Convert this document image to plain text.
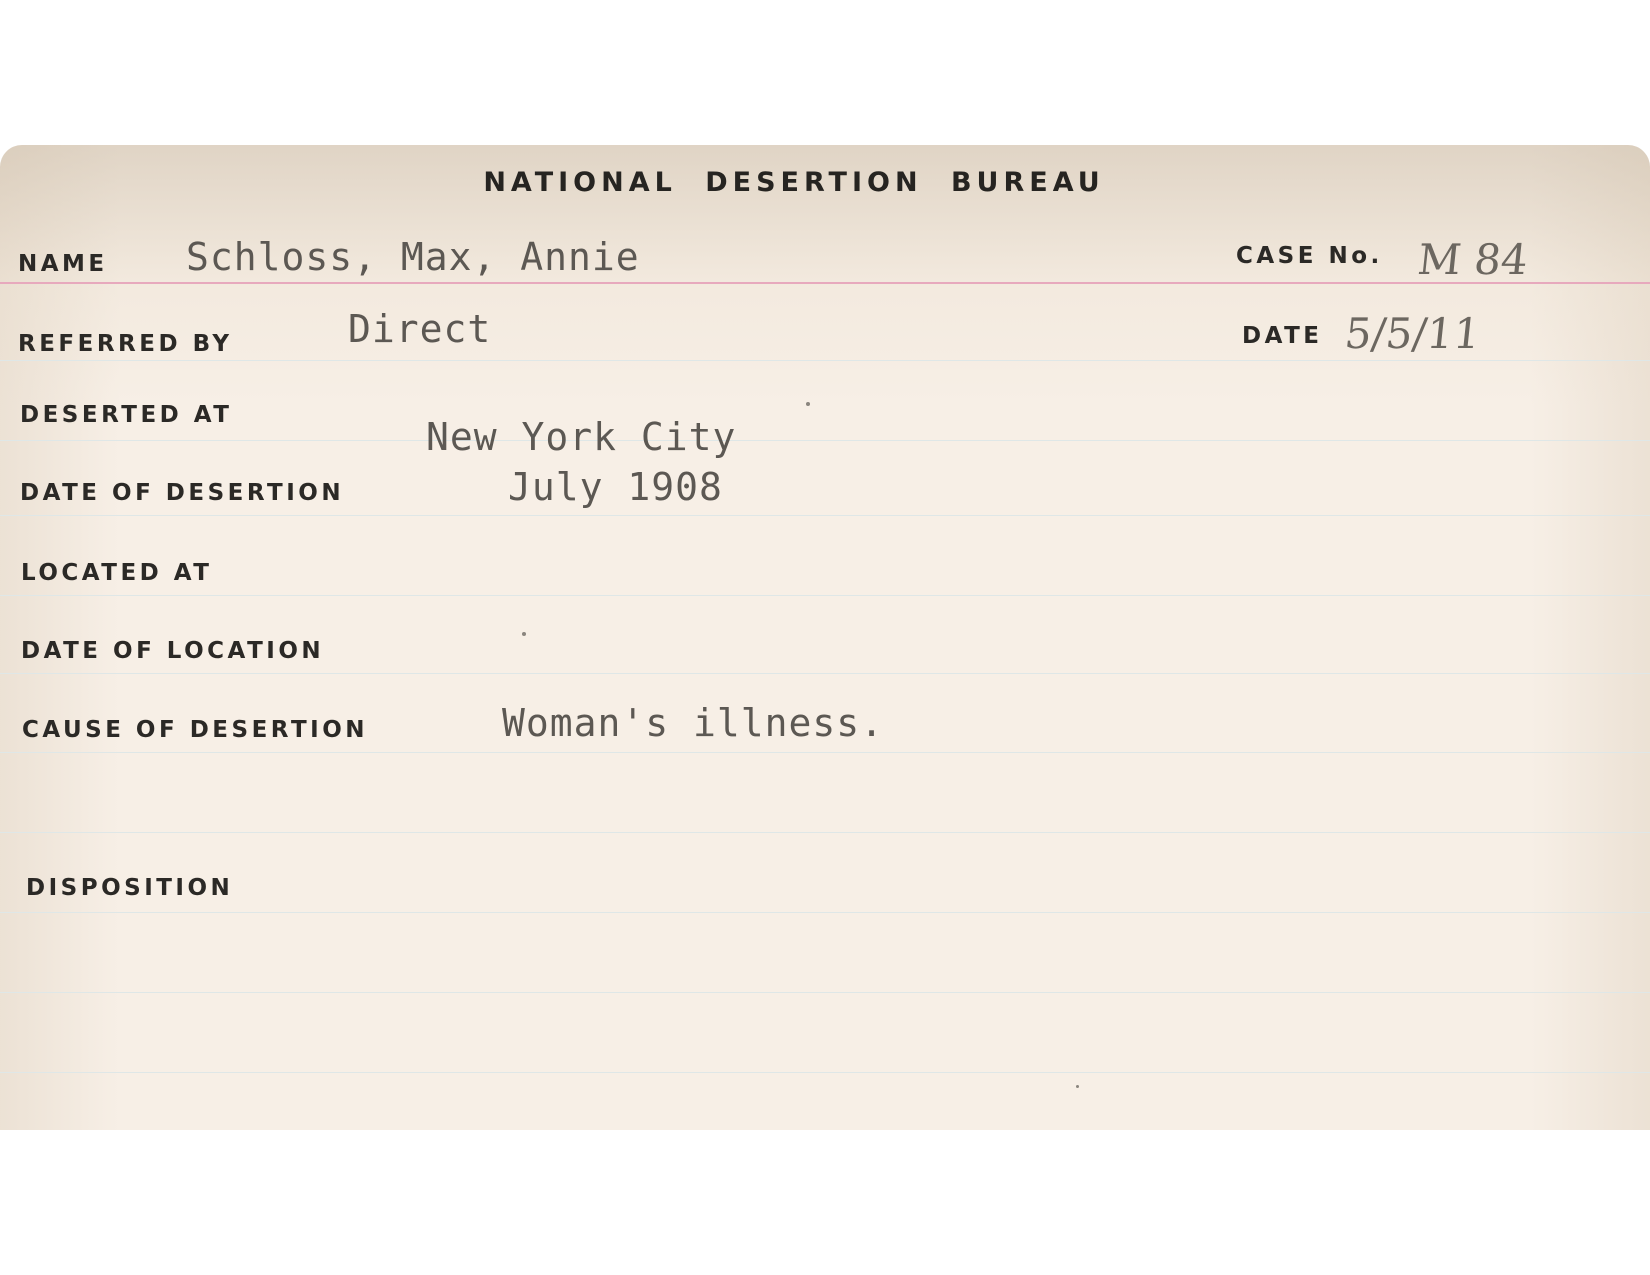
NATIONAL DESERTION BUREAU
NAME Schloss, Max, Annie	CASE No. M 84
REFERRED BY	Direct	DATE 5/5/11
DESERTED AT	New York City
DATE OF DESERTION	July 1908
LOCATED AT
DATE OF LOCATION
CAUSE OF DESERTION	Woman's illness.
DISPOSITION
